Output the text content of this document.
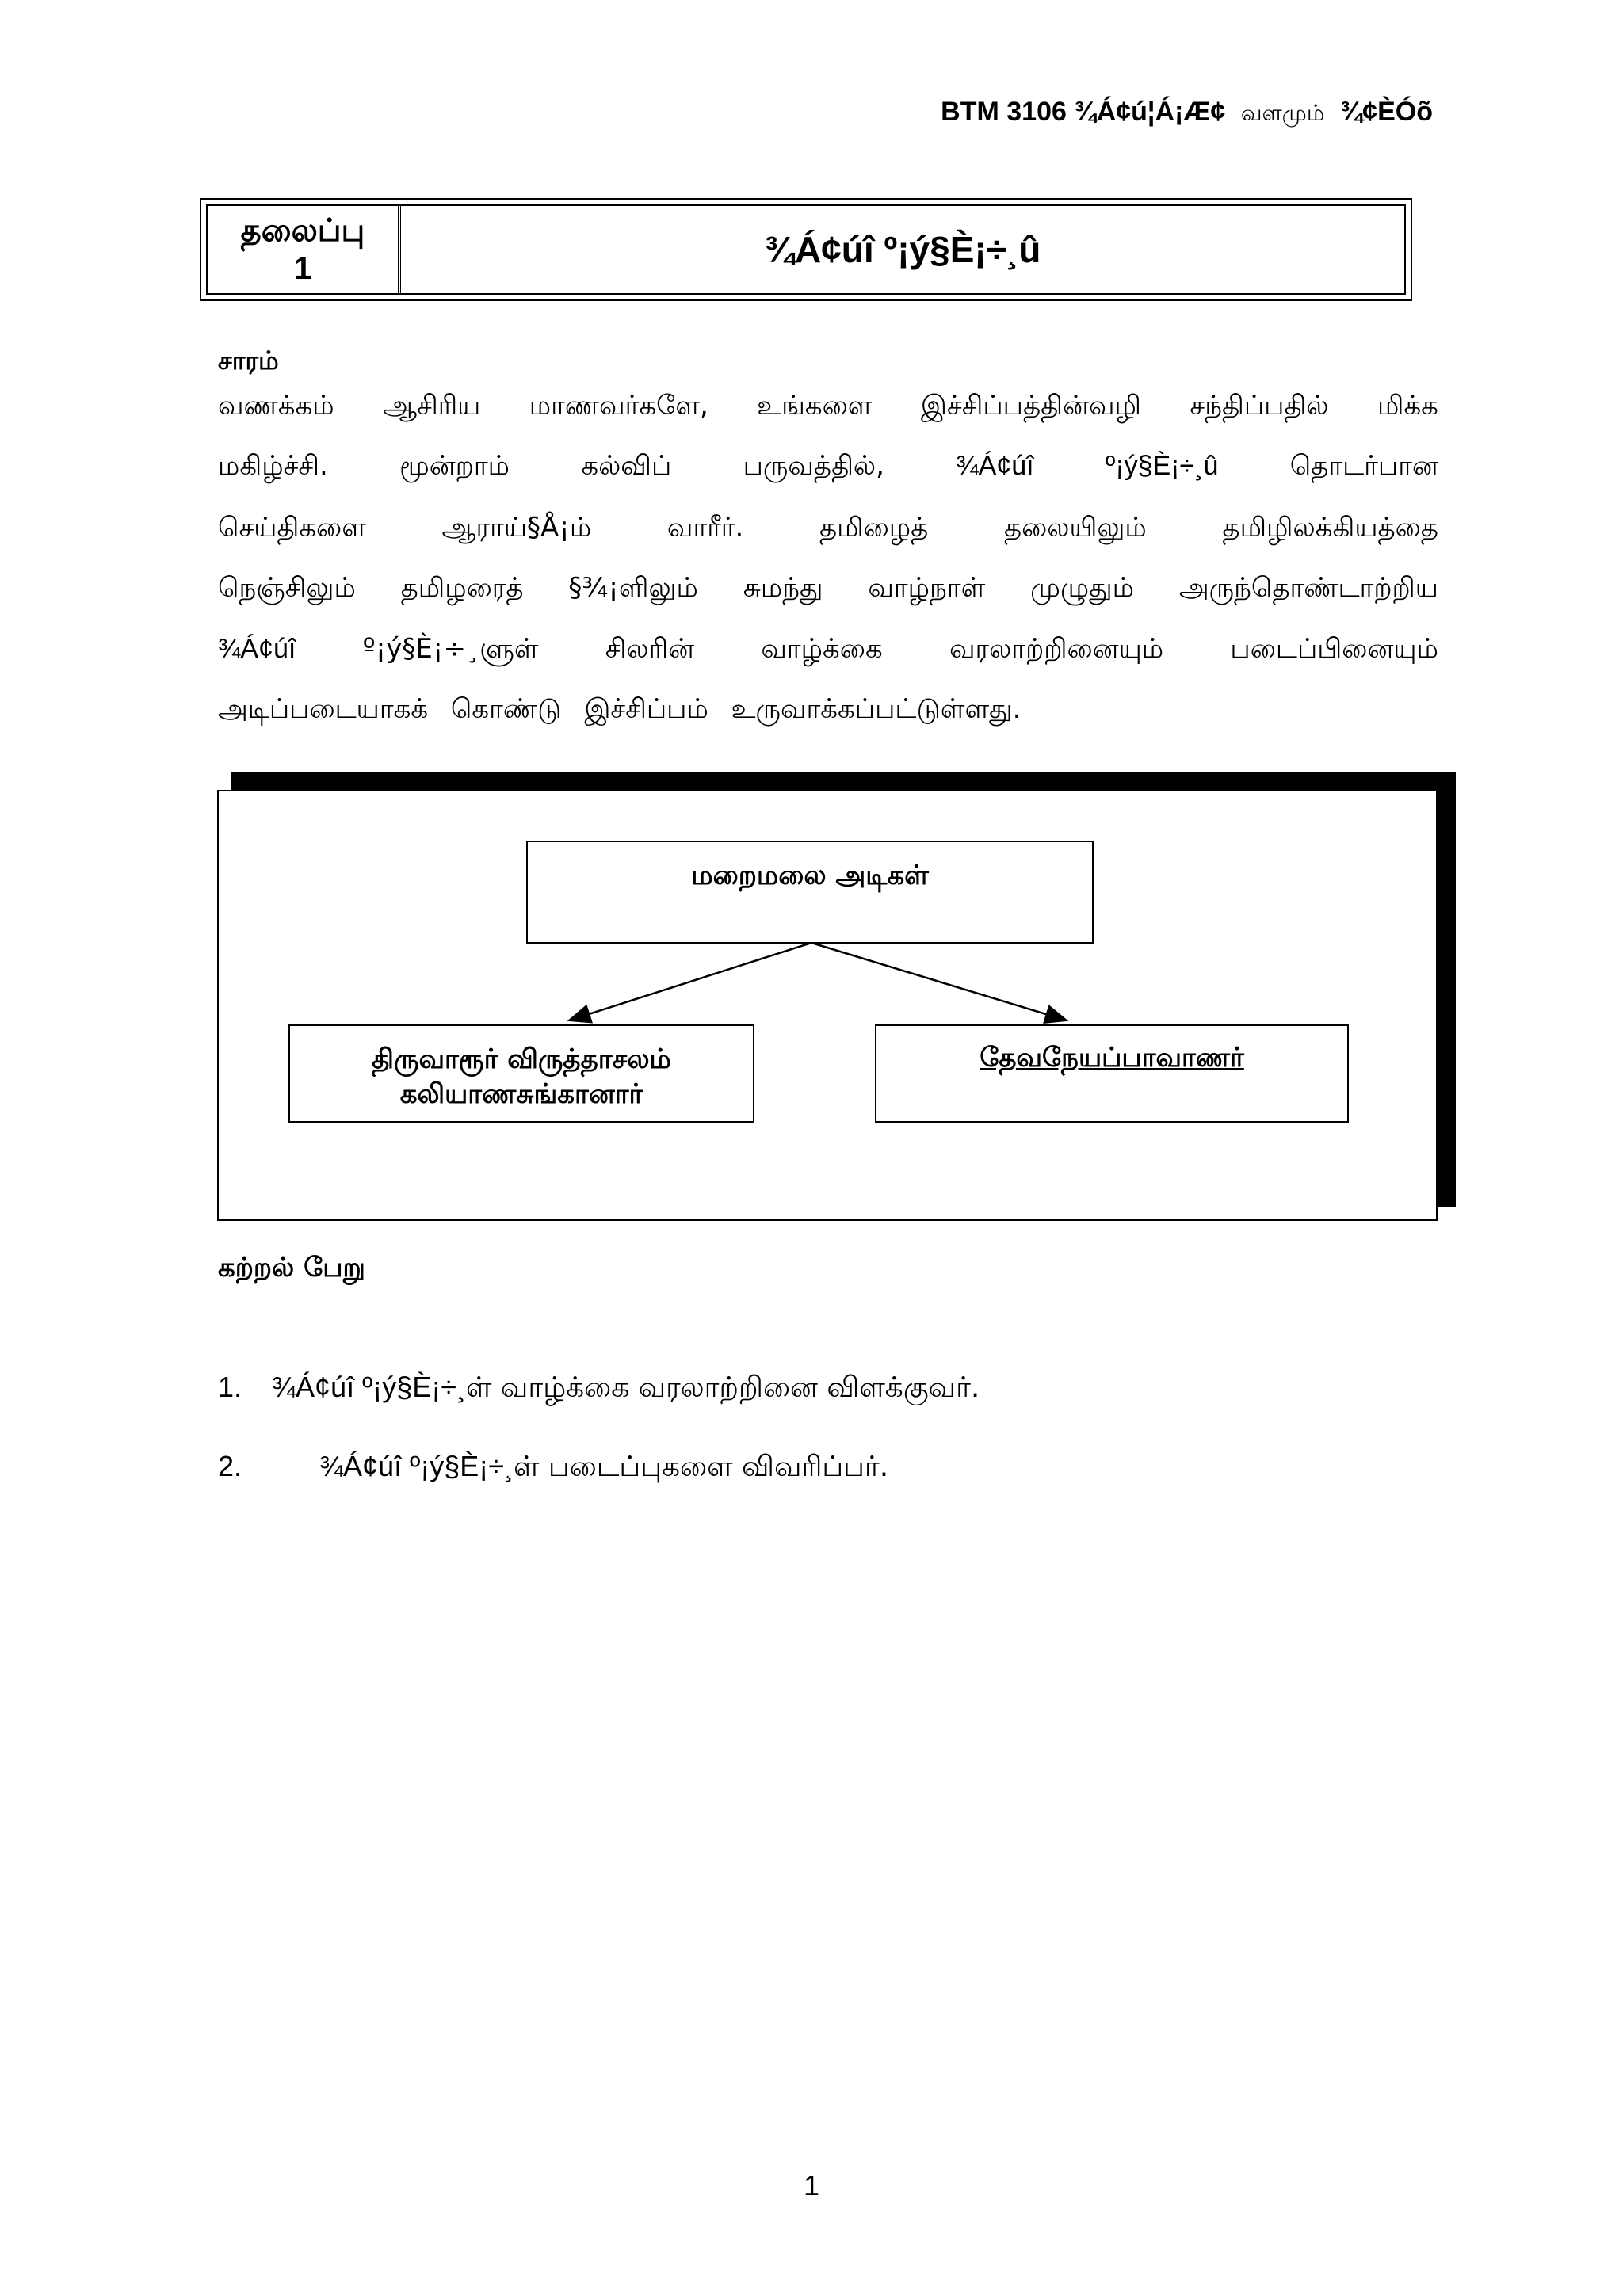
BTM 3106 ¾Á¢ú¦Á¡Æ¢ வளமும் ¾¢ÈÓõ
தலைப்பு
1	¾Á¢úî º¡ý§È¡÷¸û
சாரம்
வணக்கம் ஆசிரிய மாணவர்களே, உங்களை இச்சிப்பத்தின்வழி சந்திப்பதில் மிக்க
மகிழ்ச்சி.	மூன்றாம்	கல்விப்	பருவத்தில்,	¾Á¢úî	º¡ý§È¡÷¸û	தொடர்பான
செய்திகளை	ஆராய்§Å¡ம்	வாரீர்.	தமிழைத்	தலையிலும்	தமிழிலக்கியத்தை
நெஞ்சிலும் தமிழரைத் §¾¡ளிலும் சுமந்து வாழ்நாள் முழுதும் அருந்தொண்டாற்றிய
¾Á¢úî º¡ý§È¡÷¸ளுள் சிலரின் வாழ்க்கை வரலாற்றினையும் படைப்பினையும்
அடிப்படையாகக் கொண்டு இச்சிப்பம் உருவாக்கப்பட்டுள்ளது.
மறைமலை அடிகள்
திருவாரூர் விருத்தாசலம்
கலியாணசுங்கானார்
தேவநேயப்பாவாணர்
கற்றல் பேறு
1. ¾Á¢úî º¡ý§È¡÷¸ள் வாழ்க்கை வரலாற்றினை விளக்குவர்.
2.	¾Á¢úî º¡ý§È¡÷¸ள் படைப்புகளை விவரிப்பர்.
1
